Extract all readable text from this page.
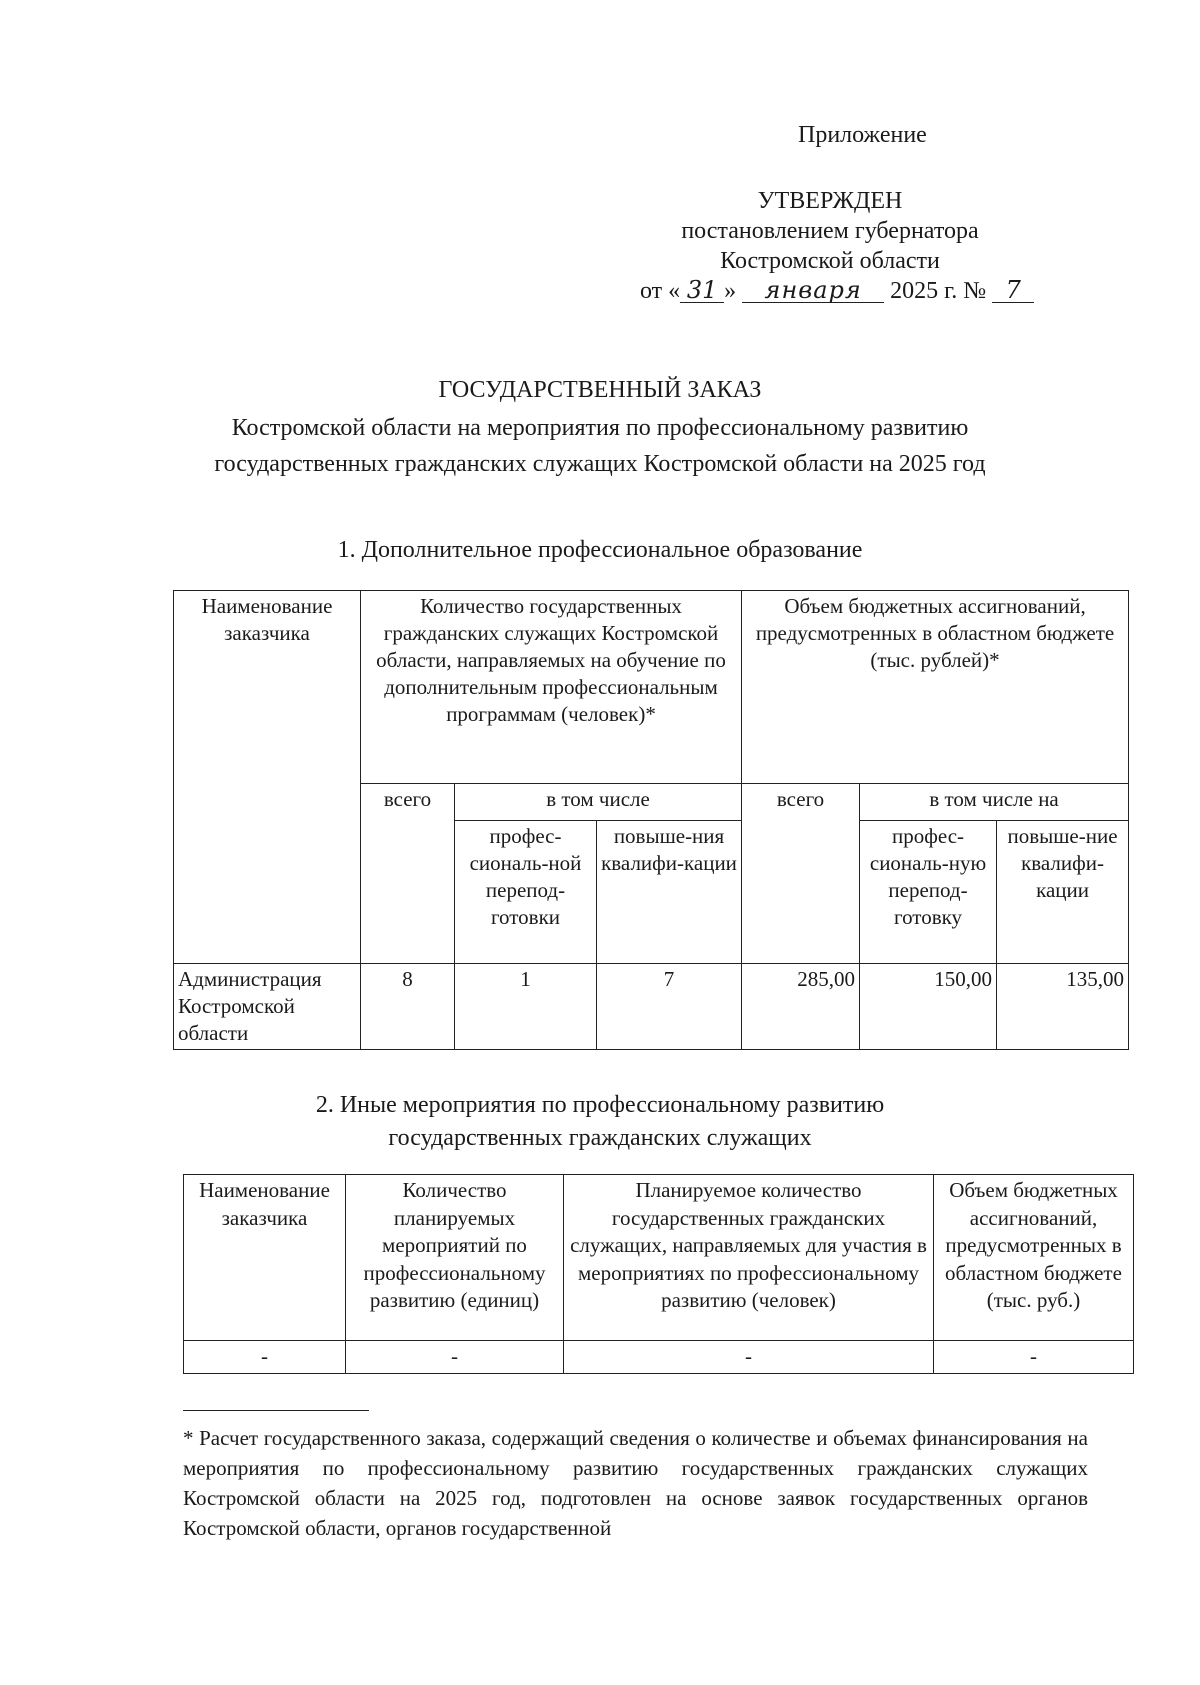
Приложение
УТВЕРЖДЕН
постановлением губернатора
Костромской области
от « 31 » января 2025 г. № 7
ГОСУДАРСТВЕННЫЙ ЗАКАЗ
Костромской области на мероприятия по профессиональному развитию
государственных гражданских служащих Костромской области на 2025 год
1. Дополнительное профессиональное образование
Наименование заказчика	Количество государственных гражданских служащих Костромской области, направляемых на обучение по дополнительным профессиональным программам (человек)*			Объем бюджетных ассигнований, предусмотренных в областном бюджете (тыс. рублей)*		
	всего	в том числе		всего	в том числе на	
		профес-сиональ-ной перепод-готовки	повыше-ния квалифи-кации		профес-сиональ-ную перепод-готовку	повыше-ние квалифи-кации
Администрация Костромской области	8	1	7	285,00	150,00	135,00
2. Иные мероприятия по профессиональному развитию
государственных гражданских служащих
Наименование заказчика	Количество планируемых мероприятий по профессиональному развитию (единиц)	Планируемое количество государственных гражданских служащих, направляемых для участия в мероприятиях по профессиональному развитию (человек)	Объем бюджетных ассигнований, предусмотренных в областном бюджете (тыс. руб.)
-	-	-	-
* Расчет государственного заказа, содержащий сведения о количестве и объемах финансирования на мероприятия по профессиональному развитию государственных гражданских служащих Костромской области на 2025 год, подготовлен на основе заявок государственных органов Костромской области, органов государственной
